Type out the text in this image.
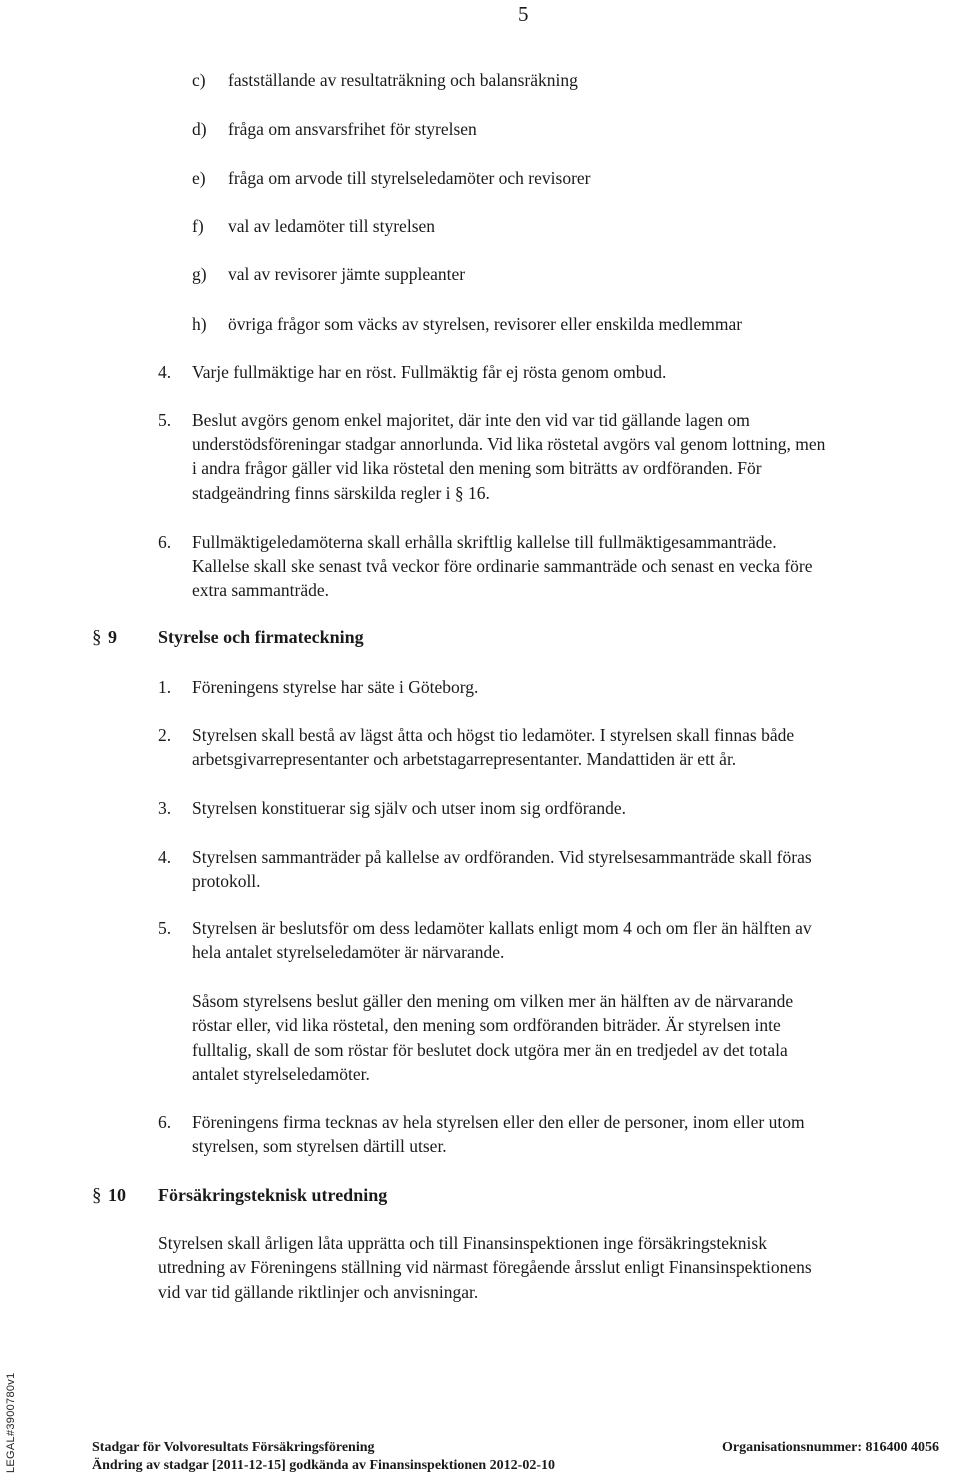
5
c) fastställande av resultaträkning och balansräkning
d) fråga om ansvarsfrihet för styrelsen
e) fråga om arvode till styrelseledamöter och revisorer
f) val av ledamöter till styrelsen
g) val av revisorer jämte suppleanter
h) övriga frågor som väcks av styrelsen, revisorer eller enskilda medlemmar
4. Varje fullmäktige har en röst. Fullmäktig får ej rösta genom ombud.
5. Beslut avgörs genom enkel majoritet, där inte den vid var tid gällande lagen om
understödsföreningar stadgar annorlunda. Vid lika röstetal avgörs val genom lottning, men
i andra frågor gäller vid lika röstetal den mening som biträtts av ordföranden. För
stadgeändring finns särskilda regler i § 16.
6. Fullmäktigeledamöterna skall erhålla skriftlig kallelse till fullmäktigesammanträde.
Kallelse skall ske senast två veckor före ordinarie sammanträde och senast en vecka före
extra sammanträde.
§ 9 Styrelse och firmateckning
1. Föreningens styrelse har säte i Göteborg.
2. Styrelsen skall bestå av lägst åtta och högst tio ledamöter. I styrelsen skall finnas både
arbetsgivarrepresentanter och arbetstagarrepresentanter. Mandattiden är ett år.
3. Styrelsen konstituerar sig själv och utser inom sig ordförande.
4. Styrelsen sammanträder på kallelse av ordföranden. Vid styrelsesammanträde skall föras
protokoll.
5. Styrelsen är beslutsför om dess ledamöter kallats enligt mom 4 och om fler än hälften av
hela antalet styrelseledamöter är närvarande.
Såsom styrelsens beslut gäller den mening om vilken mer än hälften av de närvarande
röstar eller, vid lika röstetal, den mening som ordföranden biträder. Är styrelsen inte
fulltalig, skall de som röstar för beslutet dock utgöra mer än en tredjedel av det totala
antalet styrelseledamöter.
6. Föreningens firma tecknas av hela styrelsen eller den eller de personer, inom eller utom
styrelsen, som styrelsen därtill utser.
§ 10 Försäkringsteknisk utredning
Styrelsen skall årligen låta upprätta och till Finansinspektionen inge försäkringsteknisk
utredning av Föreningens ställning vid närmast föregående årsslut enligt Finansinspektionens
vid var tid gällande riktlinjer och anvisningar.
LEGAL#3900780v1	Stadgar för Volvoresultats Försäkringsförening	Organisationsnummer: 816400 4056
Ändring av stadgar [2011-12-15] godkända av Finansinspektionen 2012-02-10
